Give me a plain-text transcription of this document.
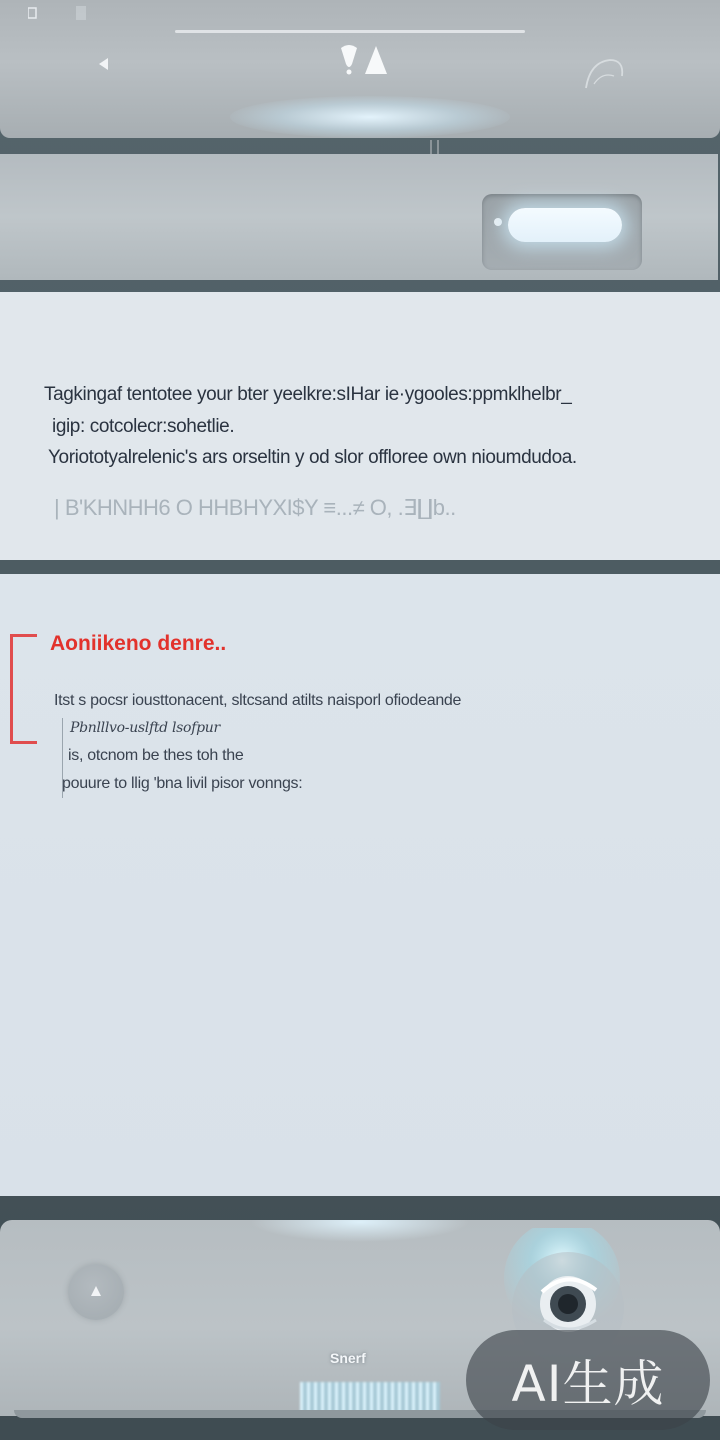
Tagkingaf tentotee your bter yeelkre:sIHar ie·ygooles:ppmklhelbr_

igip: cotcolecr:sohetlie.

Yoriototyalrelenic's ars orseltin y od slor offloree own nioumdudoa.

| B'KHNHH6 O HHBHYXI$Y ≡...≠ O, .∃∐b..
Aoniikeno denre..

Itst s pocsr iousttonacent, sltcsand atilts naisporl ofiodeande

Pbnlllvo-uslftd lsofpur

is, otcnom be thes toh the

pouure to llig 'bna livil pisor vonngs:

Snerf	AI生成
